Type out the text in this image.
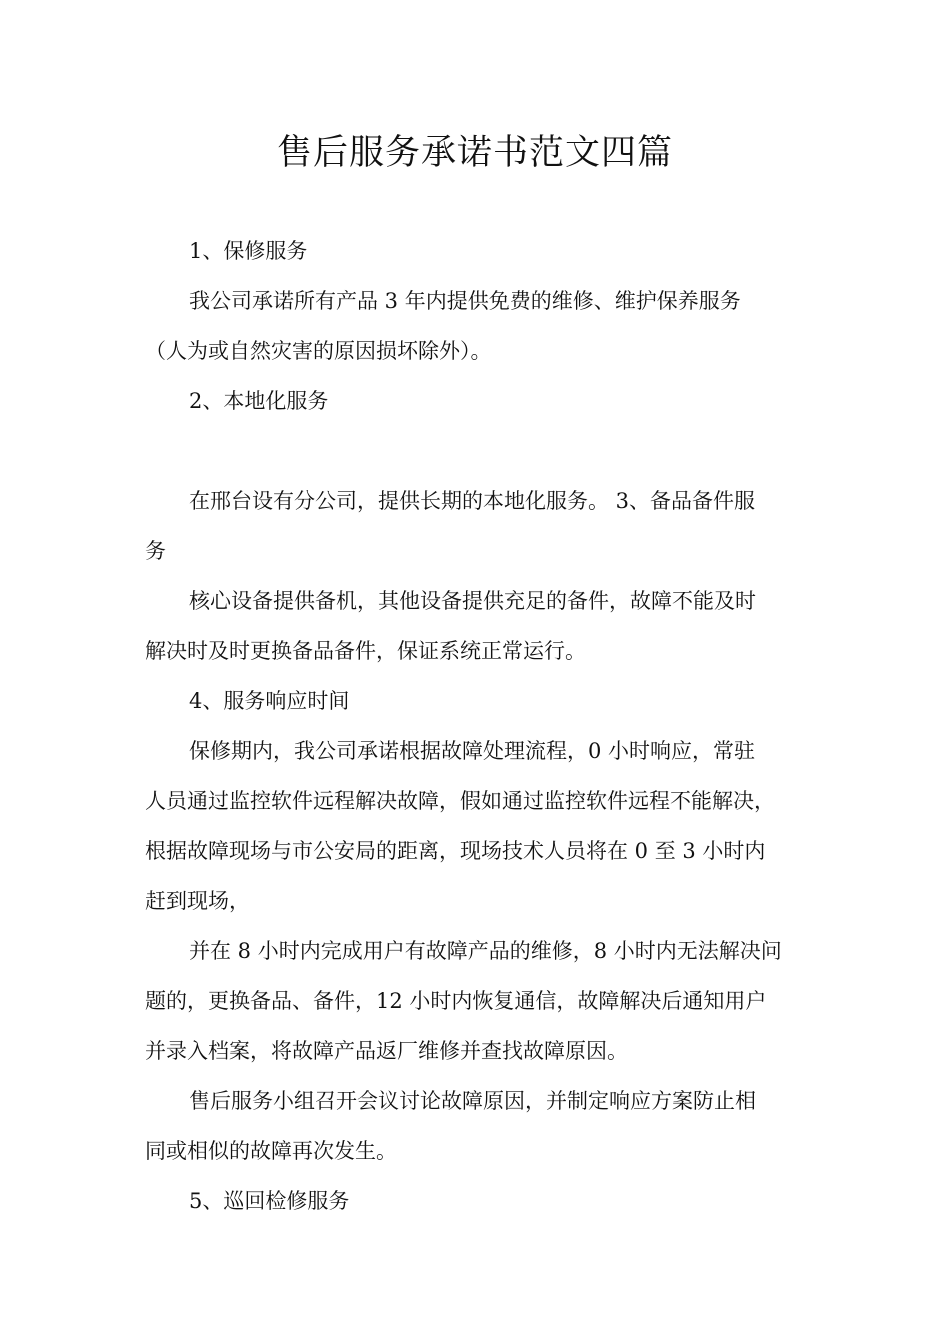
售后服务承诺书范文四篇
1、保修服务
我公司承诺所有产品 3 年内提供免费的维修、维护保养服务
（人为或自然灾害的原因损坏除外）。
2、本地化服务
在邢台设有分公司，提供长期的本地化服务。 3、备品备件服
务
核心设备提供备机，其他设备提供充足的备件，故障不能及时
解决时及时更换备品备件，保证系统正常运行。
4、服务响应时间
保修期内，我公司承诺根据故障处理流程，0 小时响应，常驻
人员通过监控软件远程解决故障，假如通过监控软件远程不能解决，
根据故障现场与市公安局的距离，现场技术人员将在 0 至 3 小时内
赶到现场，
并在 8 小时内完成用户有故障产品的维修，8 小时内无法解决问
题的，更换备品、备件，12 小时内恢复通信，故障解决后通知用户
并录入档案，将故障产品返厂维修并查找故障原因。
售后服务小组召开会议讨论故障原因，并制定响应方案防止相
同或相似的故障再次发生。
5、巡回检修服务
